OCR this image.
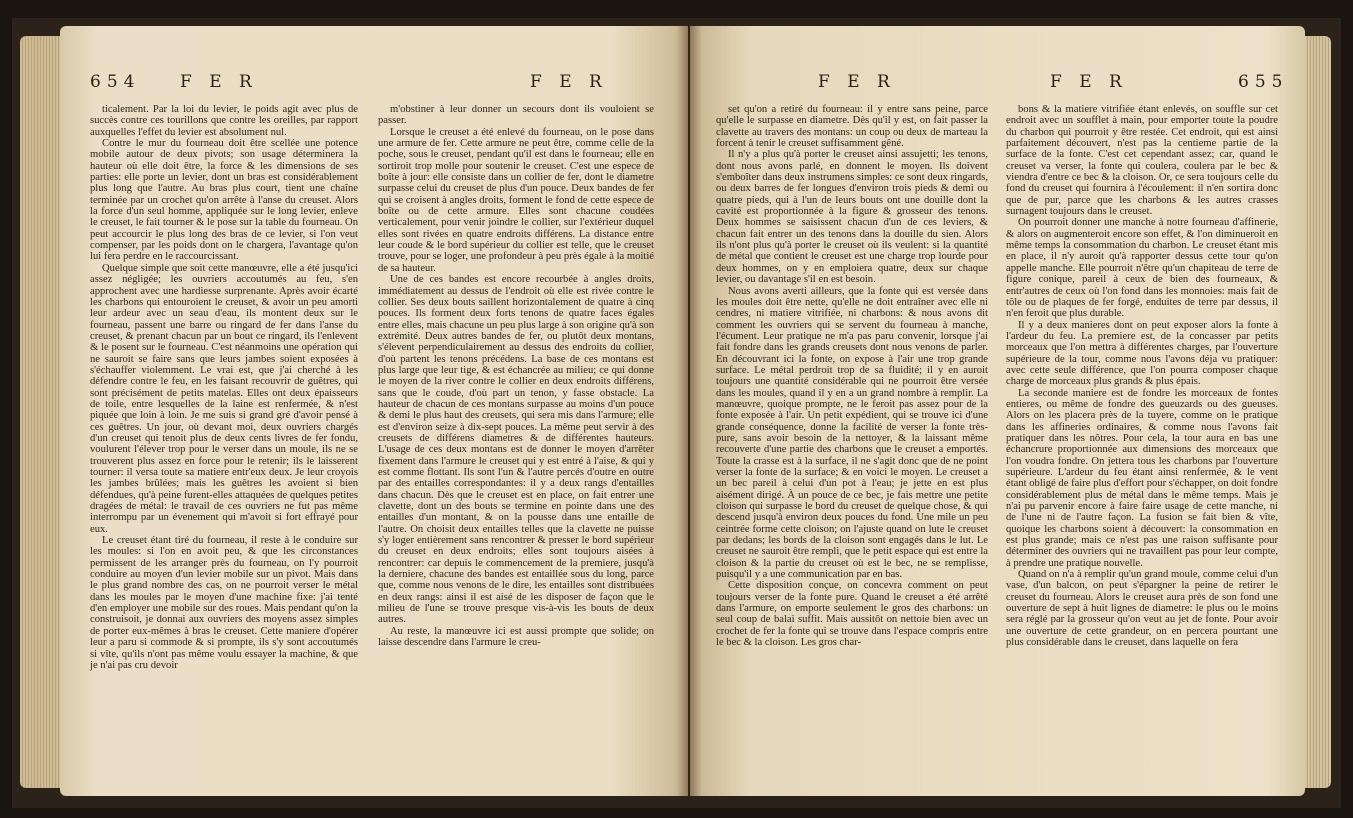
654 F E R	F E R

ticalement. Par la loi du levier, le poids agit avec plus de succès contre ces tourillons que contre les oreilles, par rapport auxquelles l'effet du levier est absolument nul.

Contre le mur du fourneau doit être scellée une potence mobile autour de deux pivots; son usage déterminera la hauteur où elle doit être, la force & les dimensions de ses parties: elle porte un levier, dont un bras est considérablement plus long que l'autre. Au bras plus court, tient une chaîne terminée par un crochet qu'on arrête à l'anse du creuset. Alors la force d'un seul homme, appliquée sur le long levier, enleve le creuset, le fait tourner & le pose sur la table du fourneau. On peut accourcir le plus long des bras de ce levier, si l'on veut compenser, par les poids dont on le chargera, l'avantage qu'on lui fera perdre en le raccourcissant.

Quelque simple que soit cette manœuvre, elle a été jusqu'ici assez négligée; les ouvriers accoutumés au feu, s'en approchent avec une hardiesse surprenante. Après avoir écarté les charbons qui entouroient le creuset, & avoir un peu amorti leur ardeur avec un seau d'eau, ils montent deux sur le fourneau, passent une barre ou ringard de fer dans l'anse du creuset, & prenant chacun par un bout ce ringard, ils l'enlevent & le posent sur le fourneau. C'est néanmoins une opération qui ne sauroit se faire sans que leurs jambes soient exposées à s'échauffer violemment. Le vrai est, que j'ai cherché à les défendre contre le feu, en les faisant recouvrir de guêtres, qui sont précisément de petits matelas. Elles ont deux épaisseurs de toile, entre lesquelles de la laine est renfermée, & n'est piquée que loin à loin. Je me suis si grand gré d'avoir pensé à ces guêtres. Un jour, où devant moi, deux ouvriers chargés d'un creuset qui tenoit plus de deux cents livres de fer fondu, voulurent l'élever trop pour le verser dans un moule, ils ne se trouverent plus assez en force pour le retenir; ils le laisserent tourner: il versa toute sa matiere entr'eux deux. Je leur croyois les jambes brûlées; mais les guêtres les avoient si bien défendues, qu'à peine furent-elles attaquées de quelques petites dragées de métal: le travail de ces ouvriers ne fut pas même interrompu par un évenement qui m'avoit si fort effrayé pour eux.

Le creuset étant tiré du fourneau, il reste à le conduire sur les moules: si l'on en avoit peu, & que les circonstances permissent de les arranger près du fourneau, on l'y pourroit conduire au moyen d'un levier mobile sur un pivot. Mais dans le plus grand nombre des cas, on ne pourroit verser le métal dans les moules par le moyen d'une machine fixe: j'ai tenté d'en employer une mobile sur des roues. Mais pendant qu'on la construisoit, je donnai aux ouvriers des moyens assez simples de porter eux-mêmes à bras le creuset. Cette maniere d'opérer leur a paru si commode & si prompte, ils s'y sont accoutumés si vîte, qu'ils n'ont pas même voulu essayer la machine, & que je n'ai pas cru devoir

m'obstiner à leur donner un secours dont ils vouloient se passer.

Lorsque le creuset a été enlevé du fourneau, on le pose dans une armure de fer. Cette armure ne peut être, comme celle de la poche, sous le creuset, pendant qu'il est dans le fourneau; elle en sortiroit trop molle pour soutenir le creuset. C'est une espece de boîte à jour: elle consiste dans un collier de fer, dont le diametre surpasse celui du creuset de plus d'un pouce. Deux bandes de fer qui se croisent à angles droits, forment le fond de cette espece de boîte ou de cette armure. Elles sont chacune coudées verticalement, pour venir joindre le collier, sur l'extérieur duquel elles sont rivées en quatre endroits différens. La distance entre leur coude & le bord supérieur du collier est telle, que le creuset trouve, pour se loger, une profondeur à peu près égale à la moitié de sa hauteur.

Une de ces bandes est encore recourbée à angles droits, immédiatement au dessus de l'endroit où elle est rivée contre le collier. Ses deux bouts saillent horizontalement de quatre à cinq pouces. Ils forment deux forts tenons de quatre faces égales entre elles, mais chacune un peu plus large à son origine qu'à son extrémité. Deux autres bandes de fer, ou plutôt deux montans, s'élevent perpendiculairement au dessus des endroits du collier, d'où partent les tenons précédens. La base de ces montans est plus large que leur tige, & est échancrée au milieu; ce qui donne le moyen de la river contre le collier en deux endroits différens, sans que le coude, d'où part un tenon, y fasse obstacle. La hauteur de chacun de ces montans surpasse au moins d'un pouce & demi le plus haut des creusets, qui sera mis dans l'armure; elle est d'environ seize à dix-sept pouces. La même peut servir à des creusets de différens diametres & de différentes hauteurs. L'usage de ces deux montans est de donner le moyen d'arrêter fixement dans l'armure le creuset qui y est entré à l'aise, & qui y est comme flottant. Ils sont l'un & l'autre percés d'outre en outre par des entailles correspondantes: il y a deux rangs d'entailles dans chacun. Dès que le creuset est en place, on fait entrer une clavette, dont un des bouts se termine en pointe dans une des entailles d'un montant, & on la pousse dans une entaille de l'autre. On choisit deux entailles telles que la clavette ne puisse s'y loger entièrement sans rencontrer & presser le bord supérieur du creuset en deux endroits; elles sont toujours aisées à rencontrer: car depuis le commencement de la premiere, jusqu'à la derniere, chacune des bandes est entaillée sous du long, parce que, comme nous venons de le dire, les entailles sont distribuées en deux rangs: ainsi il est aisé de les disposer de façon que le milieu de l'une se trouve presque vis-à-vis les bouts de deux autres.

Au reste, la manœuvre ici est aussi prompte que solide; on laisse descendre dans l'armure le creu-

F E R	F E R	655

set qu'on a retiré du fourneau: il y entre sans peine, parce qu'elle le surpasse en diametre. Dès qu'il y est, on fait passer la clavette au travers des montans: un coup ou deux de marteau la forcent à tenir le creuset suffisamment gêné.

Il n'y a plus qu'à porter le creuset ainsi assujetti; les tenons, dont nous avons parlé, en donnent le moyen. Ils doivent s'emboîter dans deux instrumens simples: ce sont deux ringards, ou deux barres de fer longues d'environ trois pieds & demi ou quatre pieds, qui à l'un de leurs bouts ont une douille dont la cavité est proportionnée à la figure & grosseur des tenons. Deux hommes se saisissent chacun d'un de ces leviers, & chacun fait entrer un des tenons dans la douille du sien. Alors ils n'ont plus qu'à porter le creuset où ils veulent: si la quantité de métal que contient le creuset est une charge trop lourde pour deux hommes, on y en emploiera quatre, deux sur chaque levier, ou davantage s'il en est besoin.

Nous avons averti ailleurs, que la fonte qui est versée dans les moules doit être nette, qu'elle ne doit entraîner avec elle ni cendres, ni matiere vitrifiée, ni charbons: & nous avons dit comment les ouvriers qui se servent du fourneau à manche, l'écument. Leur pratique ne m'a pas paru convenir, lorsque j'ai fait fondre dans les grands creusets dont nous venons de parler. En découvrant ici la fonte, on expose à l'air une trop grande surface. Le métal perdroit trop de sa fluidité; il y en auroit toujours une quantité considérable qui ne pourroit être versée dans les moules, quand il y en a un grand nombre à remplir. La manœuvre, quoique prompte, ne le feroit pas assez pour de la fonte exposée à l'air. Un petit expédient, qui se trouve ici d'une grande conséquence, donne la facilité de verser la fonte très-pure, sans avoir besoin de la nettoyer, & la laissant même recouverte d'une partie des charbons que le creuset a emportés. Toute la crasse est à la surface, il ne s'agit donc que de ne point verser la fonte de la surface; & en voici le moyen. Le creuset a un bec pareil à celui d'un pot à l'eau; je jette en est plus aisément dirigé. À un pouce de ce bec, je fais mettre une petite cloison qui surpasse le bord du creuset de quelque chose, & qui descend jusqu'à environ deux pouces du fond. Une mile un peu ceintrée forme cette cloison; on l'ajuste quand on lute le creuset par dedans; les bords de la cloison sont engagés dans le lut. Le creuset ne sauroit être rempli, que le petit espace qui est entre la cloison & la partie du creuset où est le bec, ne se remplisse, puisqu'il y a une communication par en bas.

Cette disposition conçue, on concevra comment on peut toujours verser de la fonte pure. Quand le creuset a été arrêté dans l'armure, on emporte seulement le gros des charbons: un seul coup de balai suffit. Mais aussitôt on nettoie bien avec un crochet de fer la fonte qui se trouve dans l'espace compris entre le bec & la cloison. Les gros char-

bons & la matiere vitrifiée étant enlevés, on souffle sur cet endroit avec un soufflet à main, pour emporter toute la poudre du charbon qui pourroit y être restée. Cet endroit, qui est ainsi parfaitement découvert, n'est pas la centieme partie de la surface de la fonte. C'est cet cependant assez; car, quand le creuset va verser, la fonte qui coulera, coulera par le bec & viendra d'entre ce bec & la cloison. Or, ce sera toujours celle du fond du creuset qui fournira à l'écoulement: il n'en sortira donc que de pur, parce que les charbons & les autres crasses surnagent toujours dans le creuset.

On pourroit donner une manche à notre fourneau d'affinerie, & alors on augmenteroit encore son effet, & l'on diminueroit en même temps la consommation du charbon. Le creuset étant mis en place, il n'y auroit qu'à rapporter dessus cette tour qu'on appelle manche. Elle pourroit n'être qu'un chapiteau de terre de figure conique, pareil à ceux de bien des fourneaux, & entr'autres de ceux où l'on fond dans les monnoies: mais fait de tôle ou de plaques de fer forgé, enduites de terre par dessus, il n'en feroit que plus durable.

Il y a deux manieres dont on peut exposer alors la fonte à l'ardeur du feu. La premiere est, de la concasser par petits morceaux que l'on mettra à différentes charges, par l'ouverture supérieure de la tour, comme nous l'avons déja vu pratiquer: avec cette seule différence, que l'on pourra composer chaque charge de morceaux plus grands & plus épais.

La seconde maniere est de fondre les morceaux de fontes entieres, ou même de fondre des gueuzards ou des gueuses. Alors on les placera près de la tuyere, comme on le pratique dans les affineries ordinaires, & comme nous l'avons fait pratiquer dans les nôtres. Pour cela, la tour aura en bas une échancrure proportionnée aux dimensions des morceaux que l'on voudra fondre. On jettera tous les charbons par l'ouverture supérieure. L'ardeur du feu étant ainsi renfermée, & le vent étant obligé de faire plus d'effort pour s'échapper, on doit fondre considérablement plus de métal dans le même temps. Mais je n'ai pu parvenir encore à faire faire usage de cette manche, ni de l'une ni de l'autre façon. La fusion se fait bien & vîte, quoique les charbons soient à découvert: la consommation en est plus grande; mais ce n'est pas une raison suffisante pour déterminer des ouvriers qui ne travaillent pas pour leur compte, à prendre une pratique nouvelle.

Quand on n'a à remplir qu'un grand moule, comme celui d'un vase, d'un balcon, on peut s'épargner la peine de retirer le creuset du fourneau. Alors le creuset aura près de son fond une ouverture de sept à huit lignes de diametre: le plus ou le moins sera réglé par la grosseur qu'on veut au jet de fonte. Pour avoir une ouverture de cette grandeur, on en percera pourtant une plus considérable dans le creuset, dans laquelle on fera
